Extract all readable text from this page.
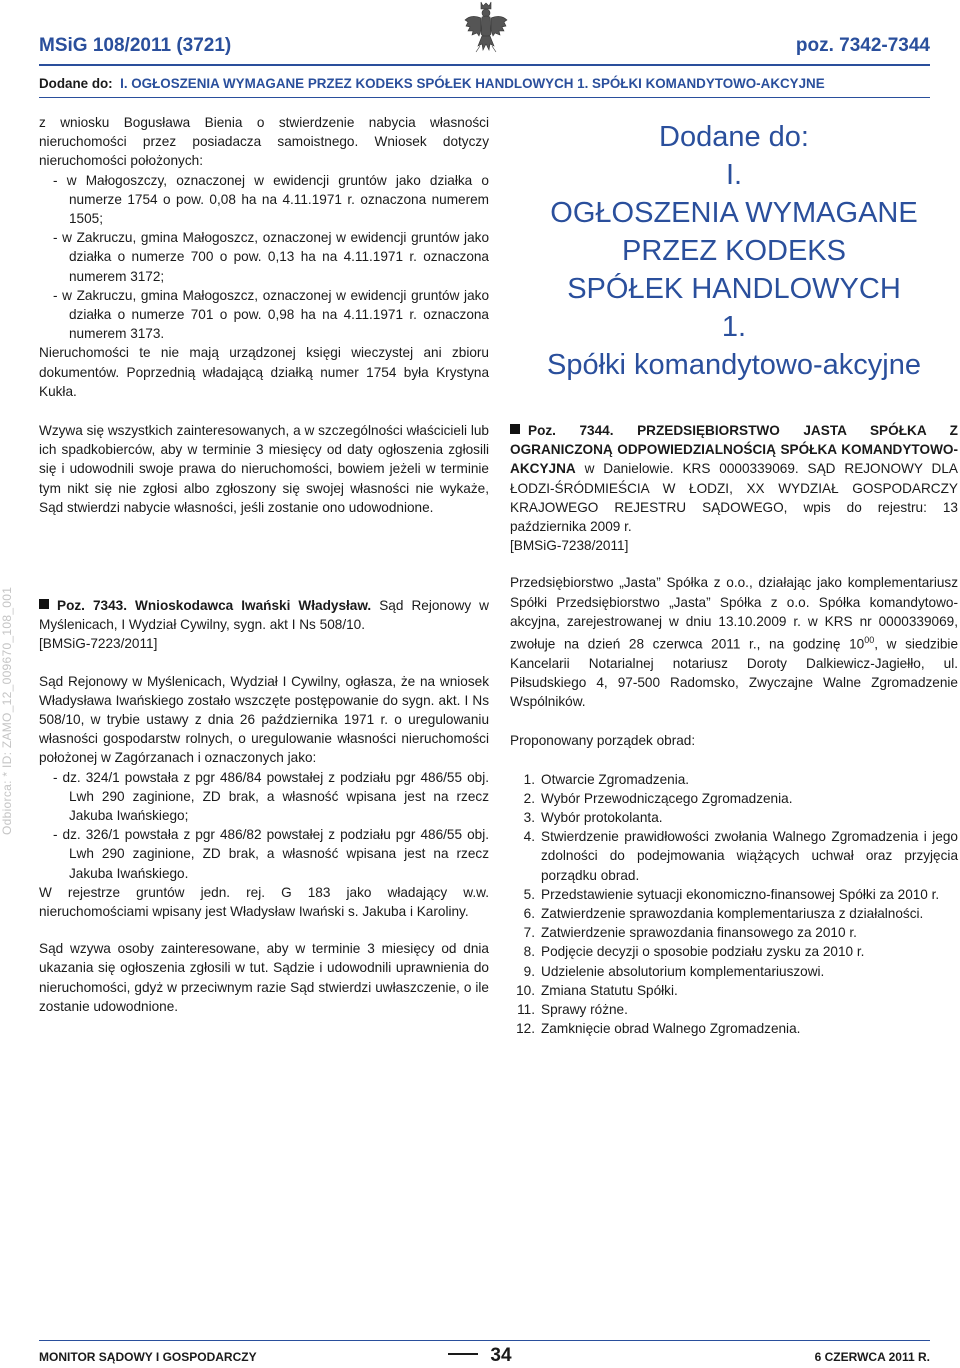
MSiG 108/2011 (3721)	poz. 7342-7344
Dodane do: I. OGŁOSZENIA WYMAGANE PRZEZ KODEKS SPÓŁEK HANDLOWYCH 1. SPÓŁKI KOMANDYTOWO-AKCYJNE
Odbiorca: * ID: ZAMO_12_009670_108_001

z wniosku Bogusława Bienia o stwierdzenie nabycia własności nieruchomości przez posiadacza samoistnego. Wniosek dotyczy nieruchomości położonych:

- w Małogoszczy, oznaczonej w ewidencji gruntów jako działka o numerze 1754 o pow. 0,08 ha na 4.11.1971 r. oznaczona numerem 1505;

- w Zakruczu, gmina Małogoszcz, oznaczonej w ewidencji gruntów jako działka o numerze 700 o pow. 0,13 ha na 4.11.1971 r. oznaczona numerem 3172;

- w Zakruczu, gmina Małogoszcz, oznaczonej w ewidencji gruntów jako działka o numerze 701 o pow. 0,98 ha na 4.11.1971 r. oznaczona numerem 3173.

Nieruchomości te nie mają urządzonej księgi wieczystej ani zbioru dokumentów. Poprzednią władającą działką numer 1754 była Krystyna Kukła.

Wzywa się wszystkich zainteresowanych, a w szczególności właścicieli lub ich spadkobierców, aby w terminie 3 miesięcy od daty ogłoszenia zgłosili się i udowodnili swoje prawa do nieruchomości, bowiem jeżeli w terminie tym nikt się nie zgłosi albo zgłoszony się swojej własności nie wykaże, Sąd stwierdzi nabycie własności, jeśli zostanie ono udowodnione.

Poz. 7343. Wnioskodawca Iwański Władysław. Sąd Rejonowy w Myślenicach, I Wydział Cywilny, sygn. akt I Ns 508/10.

[BMSiG-7223/2011]

Sąd Rejonowy w Myślenicach, Wydział I Cywilny, ogłasza, że na wniosek Władysława Iwańskiego zostało wszczęte postępowanie do sygn. akt. I Ns 508/10, w trybie ustawy z dnia 26 października 1971 r. o uregulowaniu własności gospodarstw rolnych, o uregulowanie własności nieruchomości położonej w Zagórzanach i oznaczonych jako:

- dz. 324/1 powstała z pgr 486/84 powstałej z podziału pgr 486/55 obj. Lwh 290 zaginione, ZD brak, a własność wpisana jest na rzecz Jakuba Iwańskiego;

- dz. 326/1 powstała z pgr 486/82 powstałej z podziału pgr 486/55 obj. Lwh 290 zaginione, ZD brak, a własność wpisana jest na rzecz Jakuba Iwańskiego.

W rejestrze gruntów jedn. rej. G 183 jako władający w.w. nieruchomościami wpisany jest Władysław Iwański s. Jakuba i Karoliny.

Sąd wzywa osoby zainteresowane, aby w terminie 3 miesięcy od dnia ukazania się ogłoszenia zgłosili w tut. Sądzie i udowodnili uprawnienia do nieruchomości, gdyż w przeciwnym razie Sąd stwierdzi uwłaszczenie, o ile zostanie udowodnione.

Dodane do:
I.
OGŁOSZENIA WYMAGANE
PRZEZ KODEKS
SPÓŁEK HANDLOWYCH
1.
Spółki komandytowo-akcyjne

Poz. 7344. PRZEDSIĘBIORSTWO JASTA SPÓŁKA Z OGRANICZONĄ ODPOWIEDZIALNOŚCIĄ SPÓŁKA KOMANDYTOWO-AKCYJNA w Danielowie. KRS 0000339069. SĄD REJONOWY DLA ŁODZI-ŚRÓDMIEŚCIA W ŁODZI, XX WYDZIAŁ GOSPODARCZY KRAJOWEGO REJESTRU SĄDOWEGO, wpis do rejestru: 13 października 2009 r.

[BMSiG-7238/2011]

Przedsiębiorstwo „Jasta” Spółka z o.o., działając jako komplementariusz Spółki Przedsiębiorstwo „Jasta” Spółka z o.o. Spółka komandytowo-akcyjna, zarejestrowanej w dniu 13.10.2009 r. w KRS nr 0000339069, zwołuje na dzień 28 czerwca 2011 r., na godzinę $10^{00}$, w siedzibie Kancelarii Notarialnej notariusz Doroty Dalkiewicz-Jagiełło, ul. Piłsudskiego 4, 97-500 Radomsko, Zwyczajne Walne Zgromadzenie Wspólników.

Proponowany porządek obrad:

1. Otwarcie Zgromadzenia.
2. Wybór Przewodniczącego Zgromadzenia.
3. Wybór protokolanta.
4. Stwierdzenie prawidłowości zwołania Walnego Zgromadzenia i jego zdolności do podejmowania wiążących uchwał oraz przyjęcia porządku obrad.
5. Przedstawienie sytuacji ekonomiczno-finansowej Spółki za 2010 r.
6. Zatwierdzenie sprawozdania komplementariusza z działalności.
7. Zatwierdzenie sprawozdania finansowego za 2010 r.
8. Podjęcie decyzji o sposobie podziału zysku za 2010 r.
9. Udzielenie absolutorium komplementariuszowi.
10. Zmiana Statutu Spółki.
11. Sprawy różne.
12. Zamknięcie obrad Walnego Zgromadzenia.
MONITOR SĄDOWY I GOSPODARCZY	34	6 CZERWCA 2011 R.
